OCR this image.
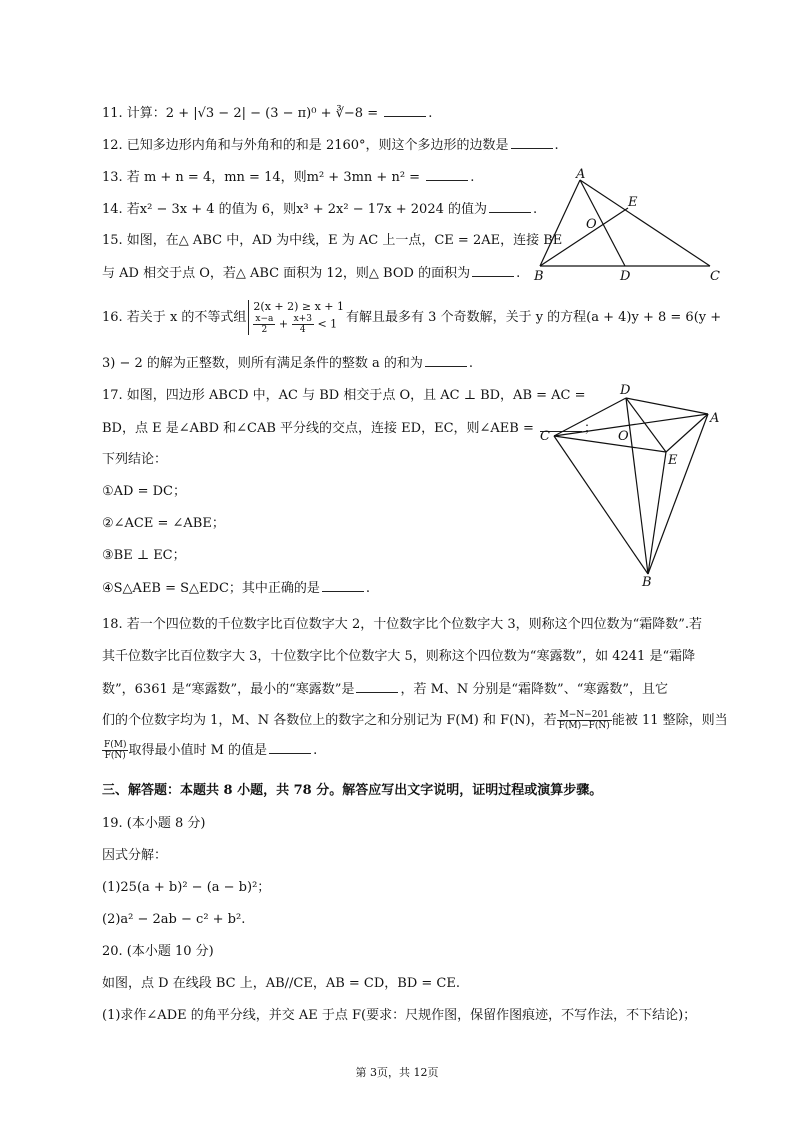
11. 计算：2 + |√3 − 2| − (3 − π)⁰ + ∛−8 =	.
12. 已知多边形内角和与外角和的和是 2160°，则这个多边形的边数是	.
13. 若 m + n = 4，mn = 14，则m² + 3mn + n² =	.
14. 若x² − 3x + 4 的值为 6，则x³ + 2x² − 17x + 2024 的值为	.
15. 如图，在△ ABC 中，AD 为中线，E 为 AC 上一点，CE = 2AE，连接 BE
与 AD 相交于点 O，若△ ABC 面积为 12，则△ BOD 的面积为	.
A
B	C
D
E
O
16. 若关于 x 的不等式组
2(x + 2) ≥ x + 1
$\frac{x-a}{2} + \frac{x+3}{4} < 1$ 有解且最多有 3 个奇数解，关于 y 的方程(a + 4)y + 8 = 6(y +
3) − 2 的解为正整数，则所有满足条件的整数 a 的和为	.
17. 如图，四边形 ABCD 中，AC 与 BD 相交于点 O，且 AC ⊥ BD，AB = AC =
BD，点 E 是∠ABD 和∠CAB 平分线的交点，连接 ED，EC，则∠AEB =	；
下列结论：
①AD = DC；
②∠ACE = ∠ABE；
③BE ⊥ EC；
④S△AEB = S△EDC；其中正确的是	.
D
A
C	O
E
B
18. 若一个四位数的千位数字比百位数字大 2，十位数字比个位数字大 3，则称这个四位数为“霜降数”.若
其千位数字比百位数字大 3，十位数字比个位数字大 5，则称这个四位数为“寒露数”，如 4241 是“霜降
数”，6361 是“寒露数”，最小的“寒露数”是	，若 M、N 分别是“霜降数”、“寒露数”，且它
们的个位数字均为 1，M、N 各数位上的数字之和分别记为 F(M) 和 F(N)，若 $\frac{M-N-201}{F(M)-F(N)}$ 能被 11 整除，则当
$\frac{F(M)}{F(N)}$ 取得最小值时 M 的值是	.
三、解答题：本题共 8 小题，共 78 分。解答应写出文字说明，证明过程或演算步骤。
19. (本小题 8 分)
因式分解：
(1)25(a + b)² − (a − b)²；
(2)a² − 2ab − c² + b².
20. (本小题 10 分)
如图，点 D 在线段 BC 上，AB//CE，AB = CD，BD = CE.
(1)求作∠ADE 的角平分线，并交 AE 于点 F(要求：尺规作图，保留作图痕迹，不写作法，不下结论)；
第 3页，共 12页
